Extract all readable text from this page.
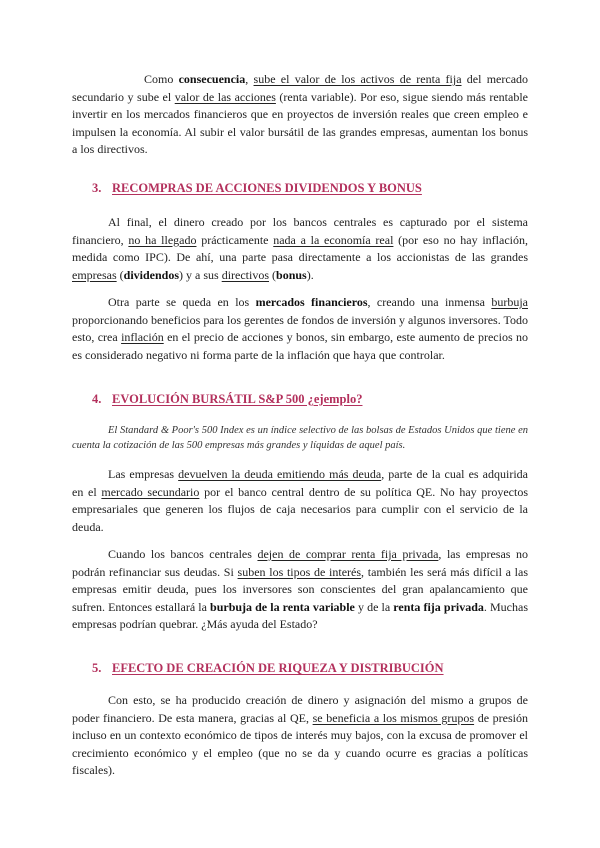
Como consecuencia, sube el valor de los activos de renta fija del mercado secundario y sube el valor de las acciones (renta variable). Por eso, sigue siendo más rentable invertir en los mercados financieros que en proyectos de inversión reales que creen empleo e impulsen la economía. Al subir el valor bursátil de las grandes empresas, aumentan los bonus a los directivos.

3. RECOMPRAS DE ACCIONES DIVIDENDOS Y BONUS

Al final, el dinero creado por los bancos centrales es capturado por el sistema financiero, no ha llegado prácticamente nada a la economía real (por eso no hay inflación, medida como IPC). De ahí, una parte pasa directamente a los accionistas de las grandes empresas (dividendos) y a sus directivos (bonus).

Otra parte se queda en los mercados financieros, creando una inmensa burbuja proporcionando beneficios para los gerentes de fondos de inversión y algunos inversores. Todo esto, crea inflación en el precio de acciones y bonos, sin embargo, este aumento de precios no es considerado negativo ni forma parte de la inflación que haya que controlar.

4. EVOLUCIÓN BURSÁTIL S&P 500 ¿ejemplo?

El Standard & Poor's 500 Index es un índice selectivo de las bolsas de Estados Unidos que tiene en cuenta la cotización de las 500 empresas más grandes y líquidas de aquel país.

Las empresas devuelven la deuda emitiendo más deuda, parte de la cual es adquirida en el mercado secundario por el banco central dentro de su política QE. No hay proyectos empresariales que generen los flujos de caja necesarios para cumplir con el servicio de la deuda.

Cuando los bancos centrales dejen de comprar renta fija privada, las empresas no podrán refinanciar sus deudas. Si suben los tipos de interés, también les será más difícil a las empresas emitir deuda, pues los inversores son conscientes del gran apalancamiento que sufren. Entonces estallará la burbuja de la renta variable y de la renta fija privada. Muchas empresas podrían quebrar. ¿Más ayuda del Estado?

5. EFECTO DE CREACIÓN DE RIQUEZA Y DISTRIBUCIÓN

Con esto, se ha producido creación de dinero y asignación del mismo a grupos de poder financiero. De esta manera, gracias al QE, se beneficia a los mismos grupos de presión incluso en un contexto económico de tipos de interés muy bajos, con la excusa de promover el crecimiento económico y el empleo (que no se da y cuando ocurre es gracias a políticas fiscales).
